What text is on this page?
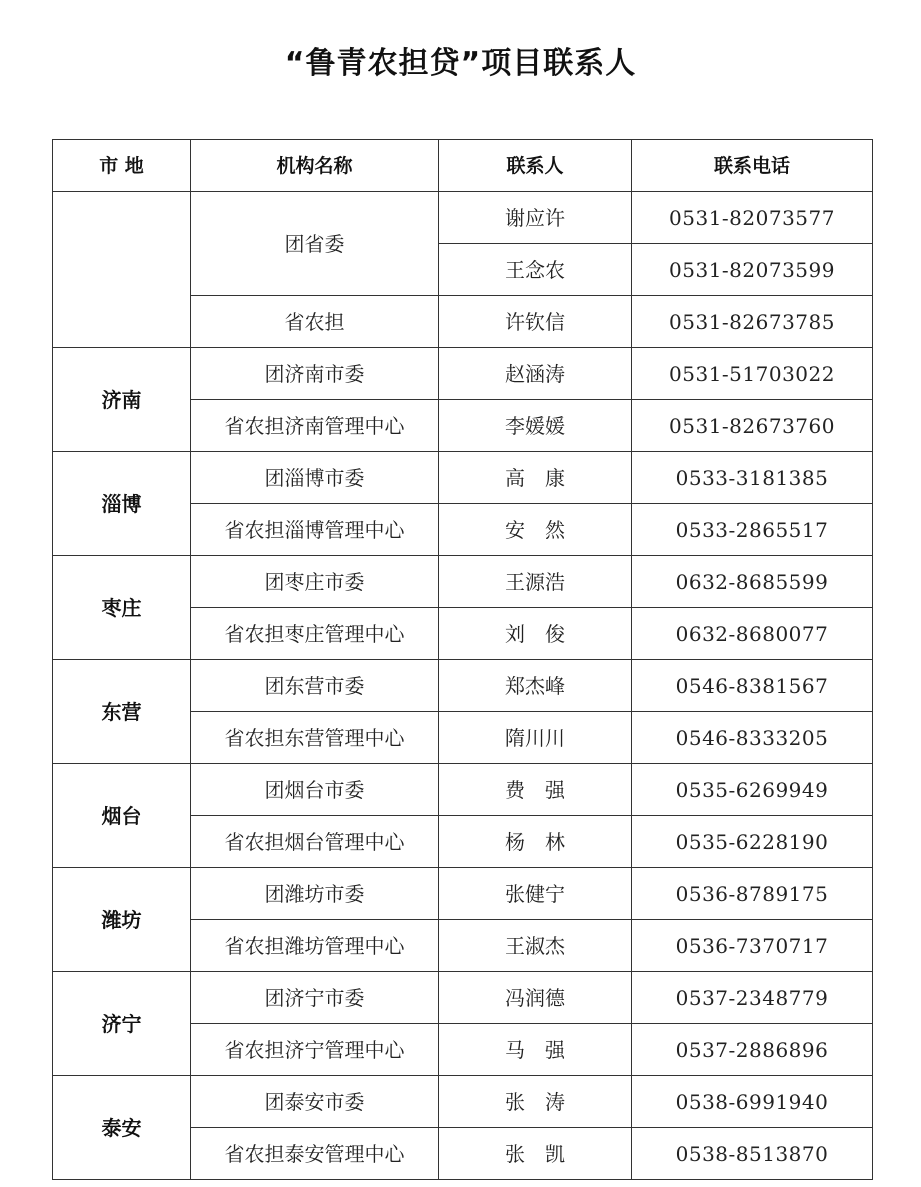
“鲁青农担贷”项目联系人
市 地	机构名称	联系人	联系电话
	团省委	谢应许	0531-82073577
		王念农	0531-82073599
	省农担	许钦信	0531-82673785
济南	团济南市委	赵涵涛	0531-51703022
	省农担济南管理中心	李媛媛	0531-82673760
淄博	团淄博市委	高　康	0533-3181385
	省农担淄博管理中心	安　然	0533-2865517
枣庄	团枣庄市委	王源浩	0632-8685599
	省农担枣庄管理中心	刘　俊	0632-8680077
东营	团东营市委	郑杰峰	0546-8381567
	省农担东营管理中心	隋川川	0546-8333205
烟台	团烟台市委	费　强	0535-6269949
	省农担烟台管理中心	杨　林	0535-6228190
潍坊	团潍坊市委	张健宁	0536-8789175
	省农担潍坊管理中心	王淑杰	0536-7370717
济宁	团济宁市委	冯润德	0537-2348779
	省农担济宁管理中心	马　强	0537-2886896
泰安	团泰安市委	张　涛	0538-6991940
	省农担泰安管理中心	张　凯	0538-8513870
